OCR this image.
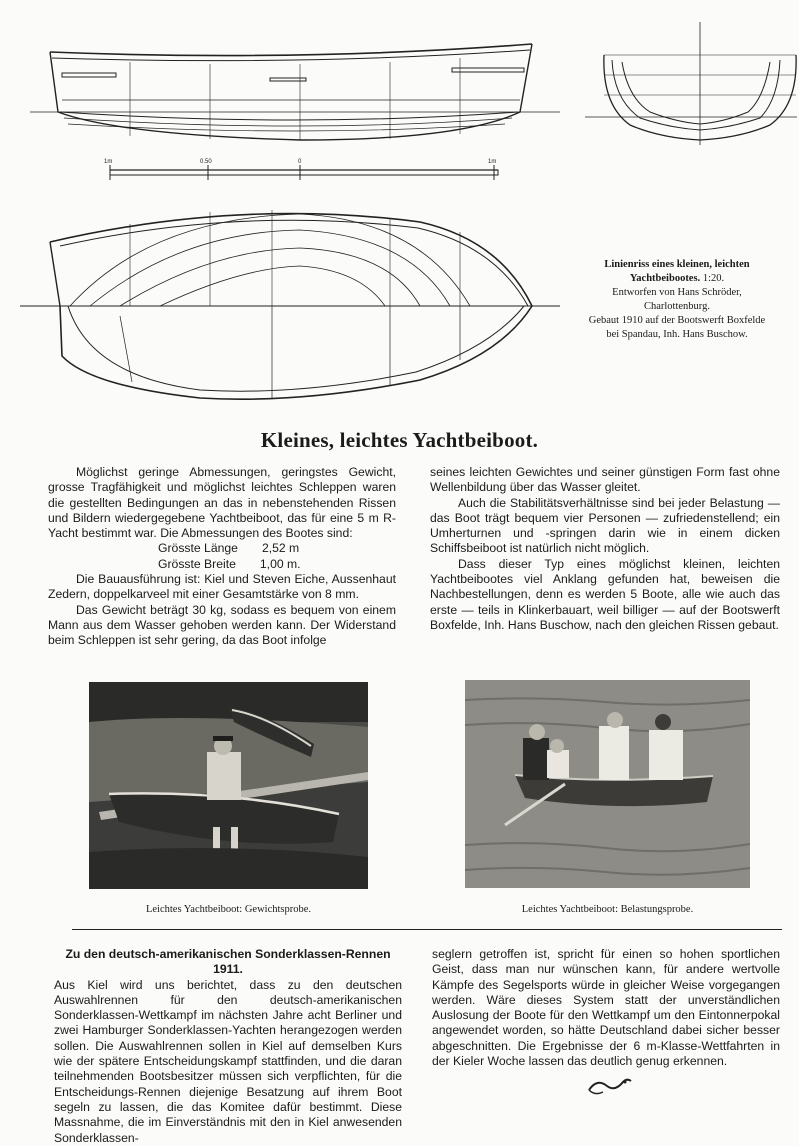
1m	0.50	0	1m
Linienriss eines kleinen, leichten
Yachtbeibootes. 1:20.
Entworfen von Hans Schröder,
Charlottenburg.
Gebaut 1910 auf der Bootswerft Boxfelde
bei Spandau, Inh. Hans Buschow.
Kleines, leichtes Yachtbeiboot.

Möglichst geringe Abmessungen, geringstes Gewicht, grosse Tragfähigkeit und möglichst leichtes Schleppen waren die gestellten Bedingungen an das in nebenstehenden Rissen und Bildern wiedergegebene Yachtbeiboot, das für eine 5 m R-Yacht bestimmt war. Die Abmessungen des Bootes sind:

Grösste Länge 2,52 m
Grösste Breite 1,00 m.

Die Bauausführung ist: Kiel und Steven Eiche, Aussenhaut Zedern, doppelkarveel mit einer Gesamtstärke von 8 mm.

Das Gewicht beträgt 30 kg, sodass es bequem von einem Mann aus dem Wasser gehoben werden kann. Der Widerstand beim Schleppen ist sehr gering, da das Boot infolge

seines leichten Gewichtes und seiner günstigen Form fast ohne Wellenbildung über das Wasser gleitet.

Auch die Stabilitätsverhältnisse sind bei jeder Belastung — das Boot trägt bequem vier Personen — zufriedenstellend; ein Umherturnen und -springen darin wie in einem dicken Schiffsbeiboot ist natürlich nicht möglich.

Dass dieser Typ eines möglichst kleinen, leichten Yachtbeibootes viel Anklang gefunden hat, beweisen die Nachbestellungen, denn es werden 5 Boote, alle wie auch das erste — teils in Klinkerbauart, weil billiger — auf der Bootswerft Boxfelde, Inh. Hans Buschow, nach den gleichen Rissen gebaut.

Leichtes Yachtbeiboot: Gewichtsprobe.	Leichtes Yachtbeiboot: Belastungsprobe.

Zu den deutsch-amerikanischen Sonderklassen-Rennen 1911.

Aus Kiel wird uns berichtet, dass zu den deutschen Auswahlrennen für den deutsch-amerikanischen Sonderklassen-Wettkampf im nächsten Jahre acht Berliner und zwei Hamburger Sonderklassen-Yachten herangezogen werden sollen. Die Auswahlrennen sollen in Kiel auf demselben Kurs wie der spätere Entscheidungskampf stattfinden, und die daran teilnehmenden Bootsbesitzer müssen sich verpflichten, für die Entscheidungs-Rennen diejenige Besatzung auf ihrem Boot segeln zu lassen, die das Komitee dafür bestimmt. Diese Massnahme, die im Einverständnis mit den in Kiel anwesenden Sonderklassen-

seglern getroffen ist, spricht für einen so hohen sportlichen Geist, dass man nur wünschen kann, für andere wertvolle Kämpfe des Segelsports würde in gleicher Weise vorgegangen werden. Wäre dieses System statt der unverständlichen Auslosung der Boote für den Wettkampf um den Eintonnerpokal angewendet worden, so hätte Deutschland dabei sicher besser abgeschnitten. Die Ergebnisse der 6 m-Klasse-Wettfahrten in der Kieler Woche lassen das deutlich genug erkennen.
